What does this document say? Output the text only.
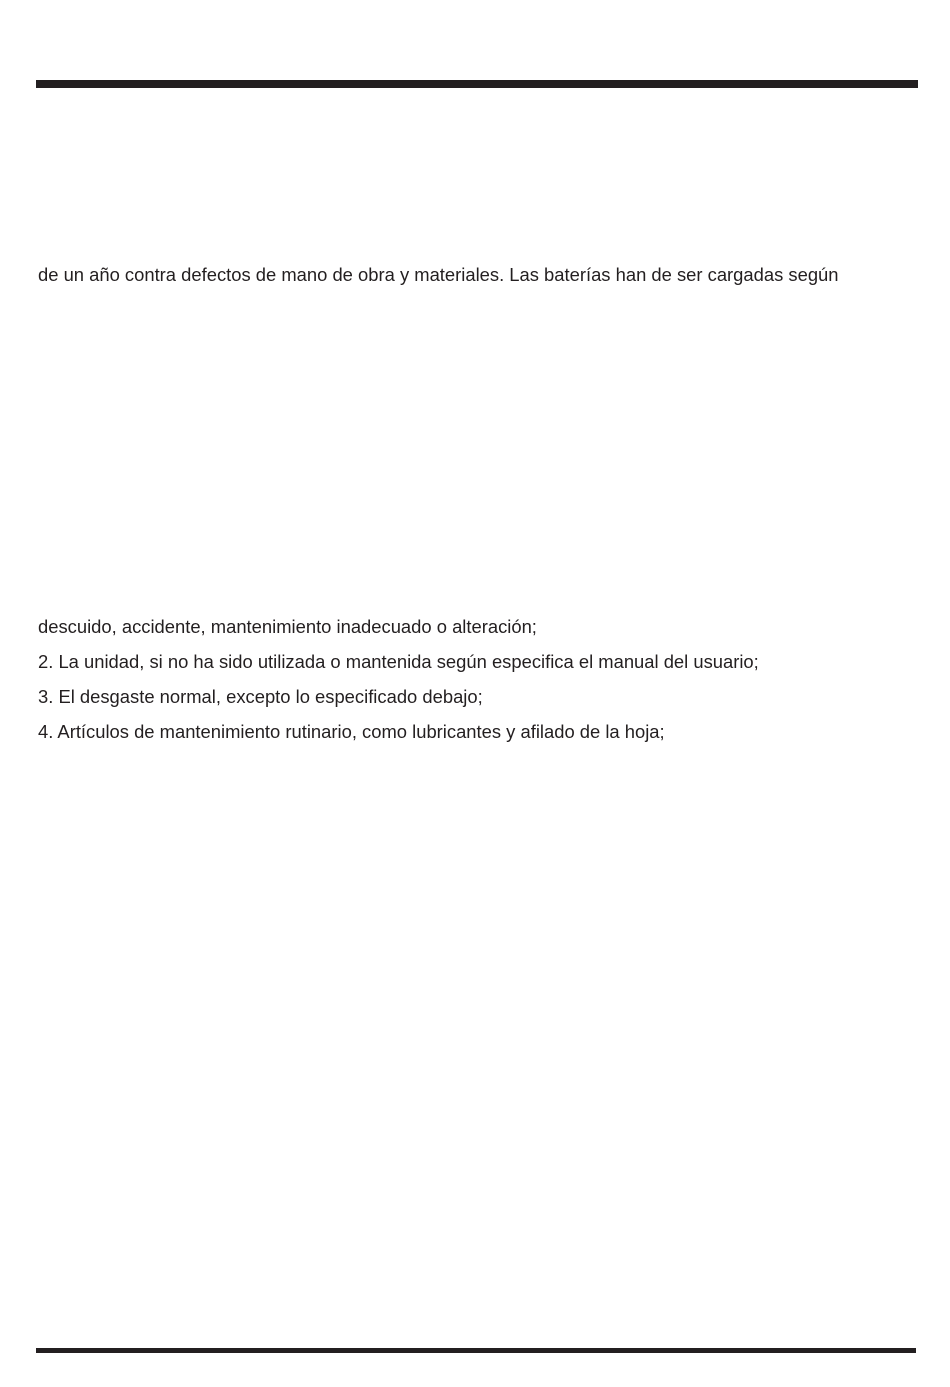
de un año contra defectos de mano de obra y materiales. Las baterías han de ser cargadas según

descuido, accidente, mantenimiento inadecuado o alteración;

2. La unidad, si no ha sido utilizada o mantenida según especifica el manual del usuario;

3. El desgaste normal, excepto lo especificado debajo;

4. Artículos de mantenimiento rutinario, como lubricantes y afilado de la hoja;
